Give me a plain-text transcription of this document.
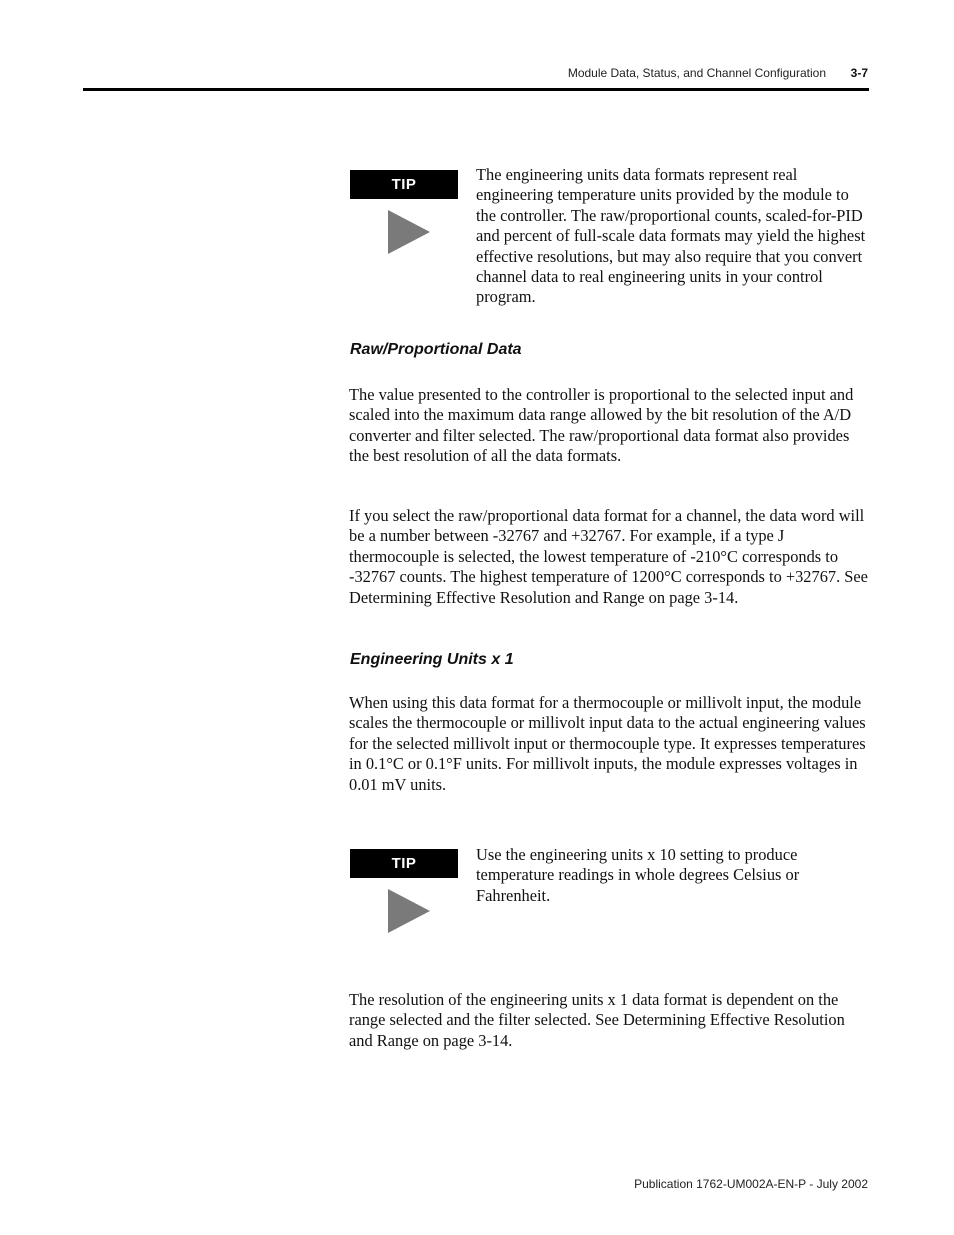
Module Data, Status, and Channel Configuration 3-7
TIP

The engineering units data formats represent real engineering temperature units provided by the module to the controller. The raw/proportional counts, scaled-for-PID and percent of full-scale data formats may yield the highest effective resolutions, but may also require that you convert channel data to real engineering units in your control program.

Raw/Proportional Data

The value presented to the controller is proportional to the selected input and scaled into the maximum data range allowed by the bit resolution of the A/D converter and filter selected. The raw/proportional data format also provides the best resolution of all the data formats.

If you select the raw/proportional data format for a channel, the data word will be a number between -32767 and +32767. For example, if a type J thermocouple is selected, the lowest temperature of -210°C corresponds to -32767 counts. The highest temperature of 1200°C corresponds to +32767. See Determining Effective Resolution and Range on page 3-14.

Engineering Units x 1

When using this data format for a thermocouple or millivolt input, the module scales the thermocouple or millivolt input data to the actual engineering values for the selected millivolt input or thermocouple type. It expresses temperatures in 0.1°C or 0.1°F units. For millivolt inputs, the module expresses voltages in 0.01 mV units.

TIP	Use the engineering units x 10 setting to produce temperature readings in whole degrees Celsius or Fahrenheit.

The resolution of the engineering units x 1 data format is dependent on the range selected and the filter selected. See Determining Effective Resolution and Range on page 3-14.

Publication 1762-UM002A-EN-P - July 2002
